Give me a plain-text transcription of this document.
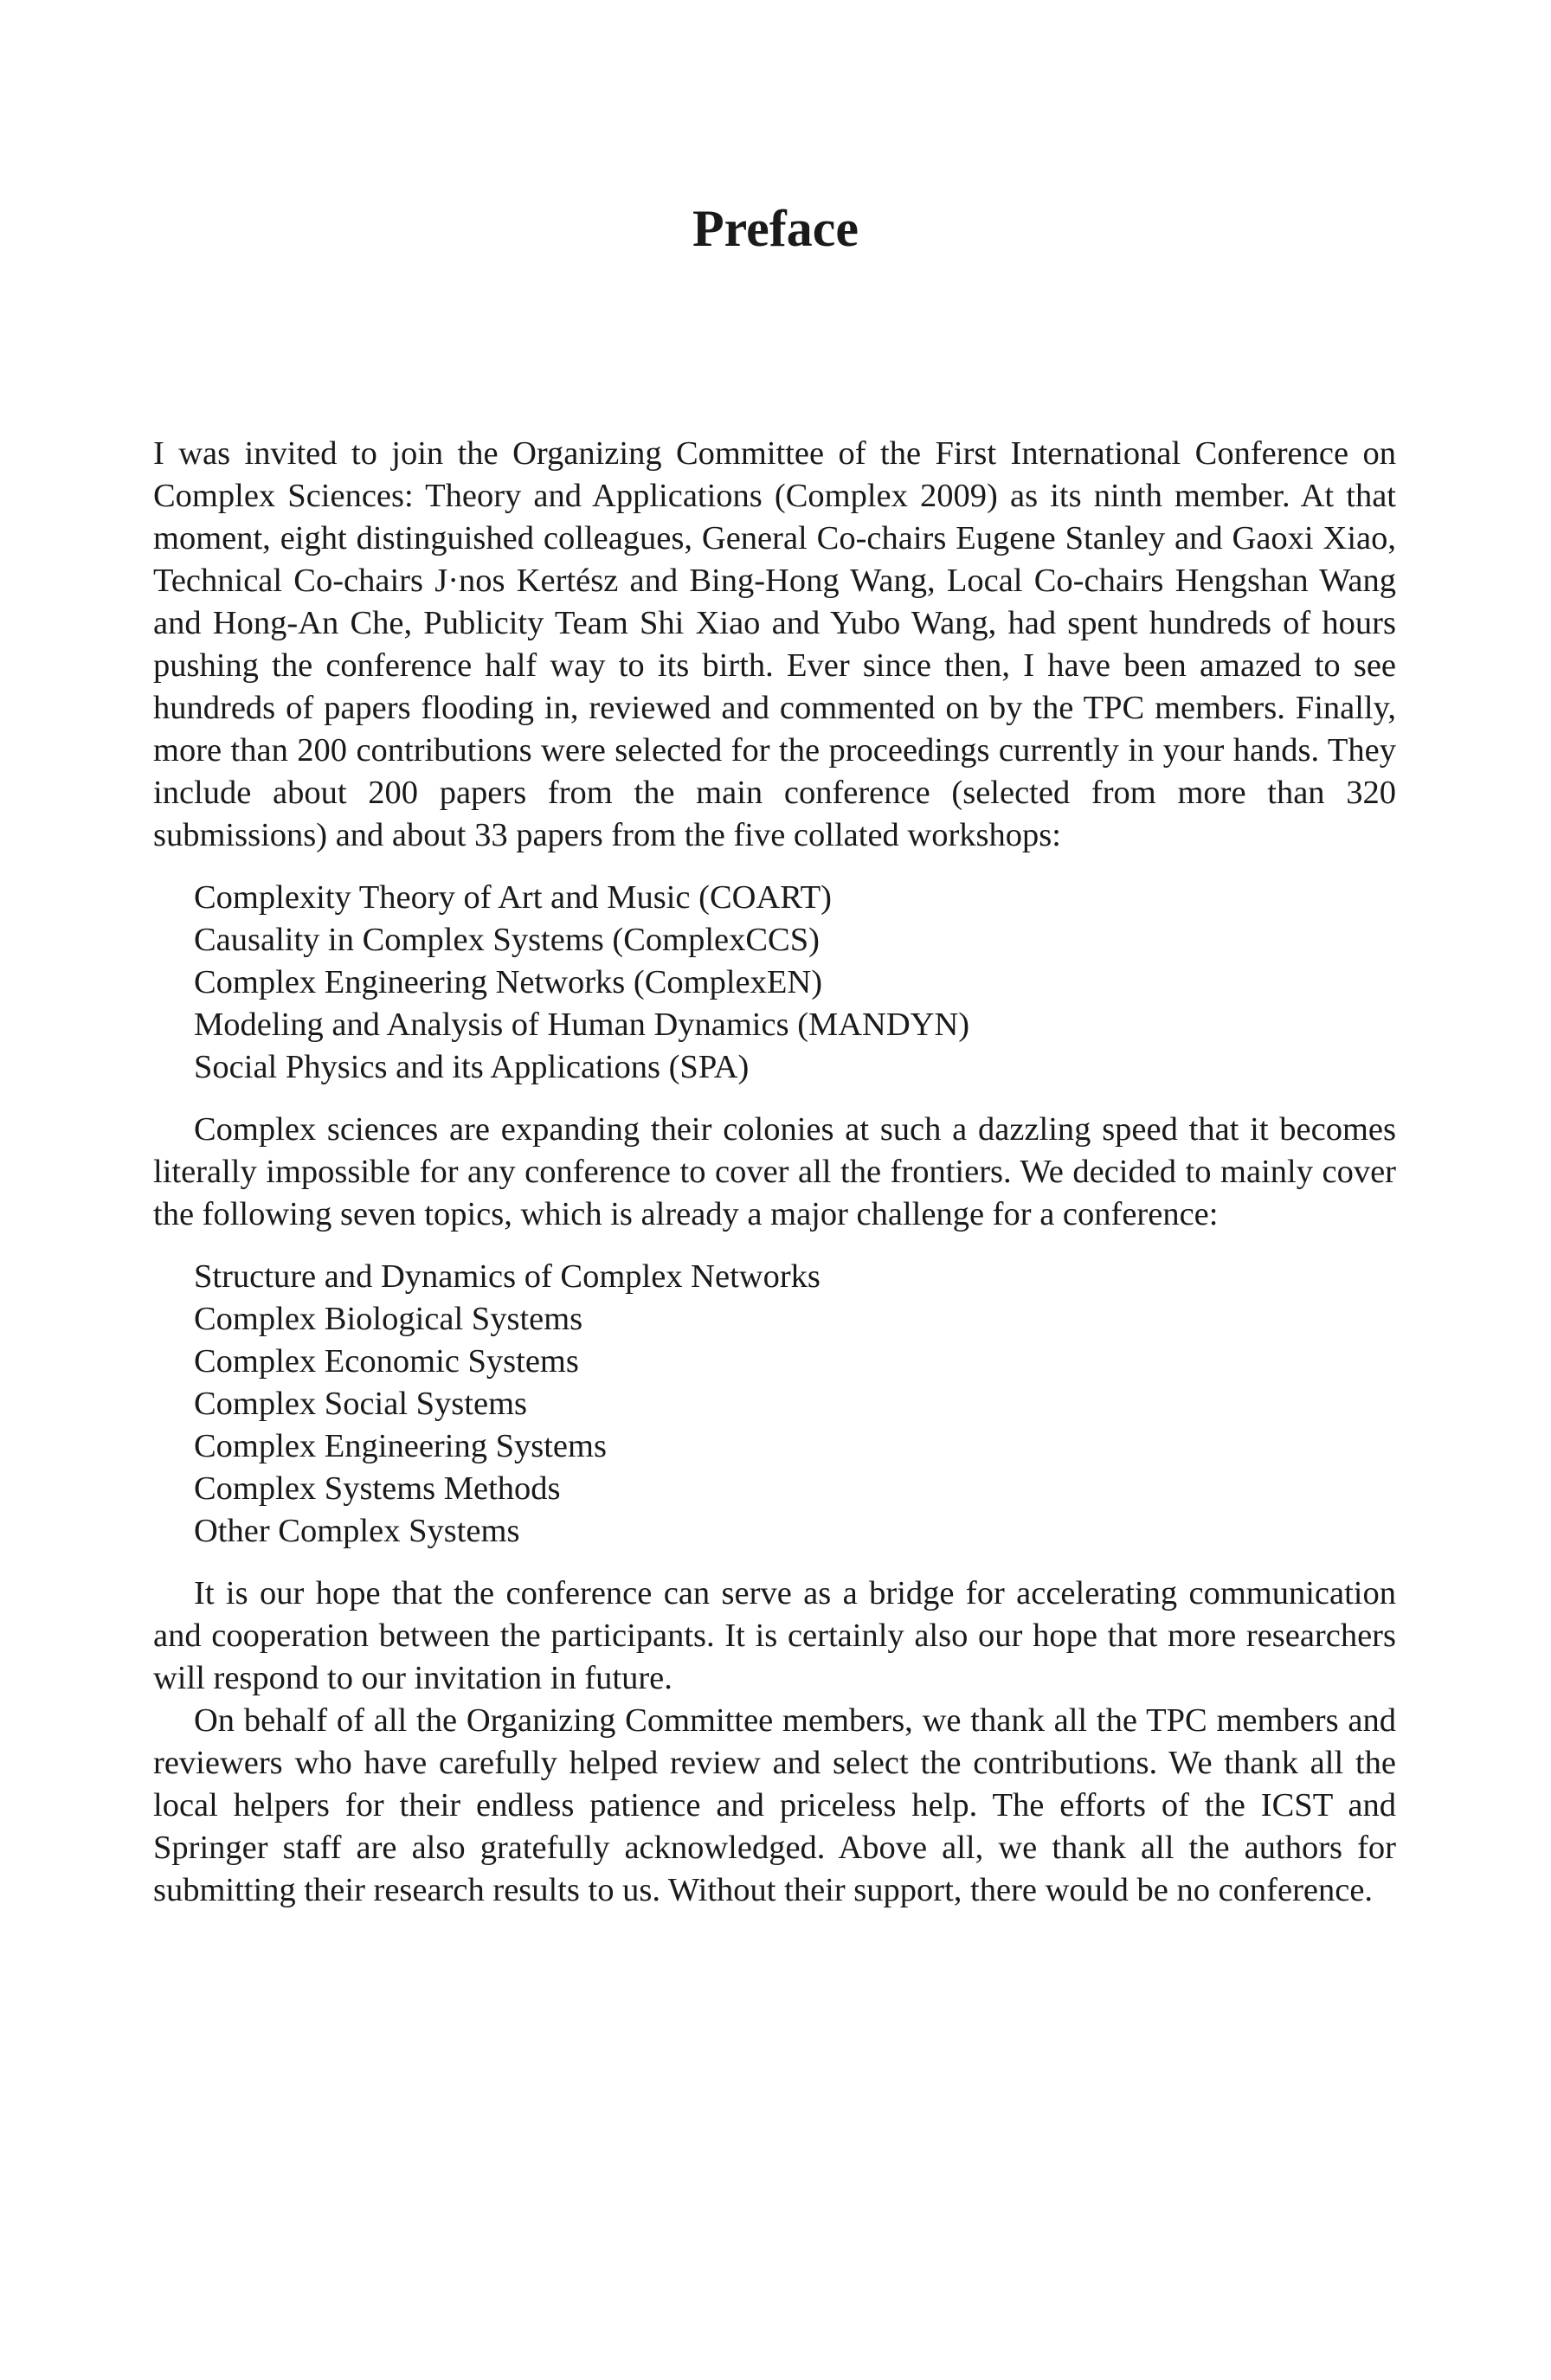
Preface

I was invited to join the Organizing Committee of the First International Conference on Complex Sciences: Theory and Applications (Complex 2009) as its ninth member. At that moment, eight distinguished colleagues, General Co-chairs Eugene Stanley and Gaoxi Xiao, Technical Co-chairs J·nos Kertész and Bing-Hong Wang, Local Co-chairs Hengshan Wang and Hong-An Che, Publicity Team Shi Xiao and Yubo Wang, had spent hundreds of hours pushing the conference half way to its birth. Ever since then, I have been amazed to see hundreds of papers flooding in, reviewed and commented on by the TPC members. Finally, more than 200 contributions were selected for the proceedings currently in your hands. They include about 200 papers from the main conference (selected from more than 320 submissions) and about 33 papers from the five collated workshops:

Complexity Theory of Art and Music (COART)
Causality in Complex Systems (ComplexCCS)
Complex Engineering Networks (ComplexEN)
Modeling and Analysis of Human Dynamics (MANDYN)
Social Physics and its Applications (SPA)

Complex sciences are expanding their colonies at such a dazzling speed that it becomes literally impossible for any conference to cover all the frontiers. We decided to mainly cover the following seven topics, which is already a major challenge for a conference:

Structure and Dynamics of Complex Networks
Complex Biological Systems
Complex Economic Systems
Complex Social Systems
Complex Engineering Systems
Complex Systems Methods
Other Complex Systems

It is our hope that the conference can serve as a bridge for accelerating communication and cooperation between the participants. It is certainly also our hope that more researchers will respond to our invitation in future.

On behalf of all the Organizing Committee members, we thank all the TPC members and reviewers who have carefully helped review and select the contributions. We thank all the local helpers for their endless patience and priceless help. The efforts of the ICST and Springer staff are also gratefully acknowledged. Above all, we thank all the authors for submitting their research results to us. Without their support, there would be no conference.
